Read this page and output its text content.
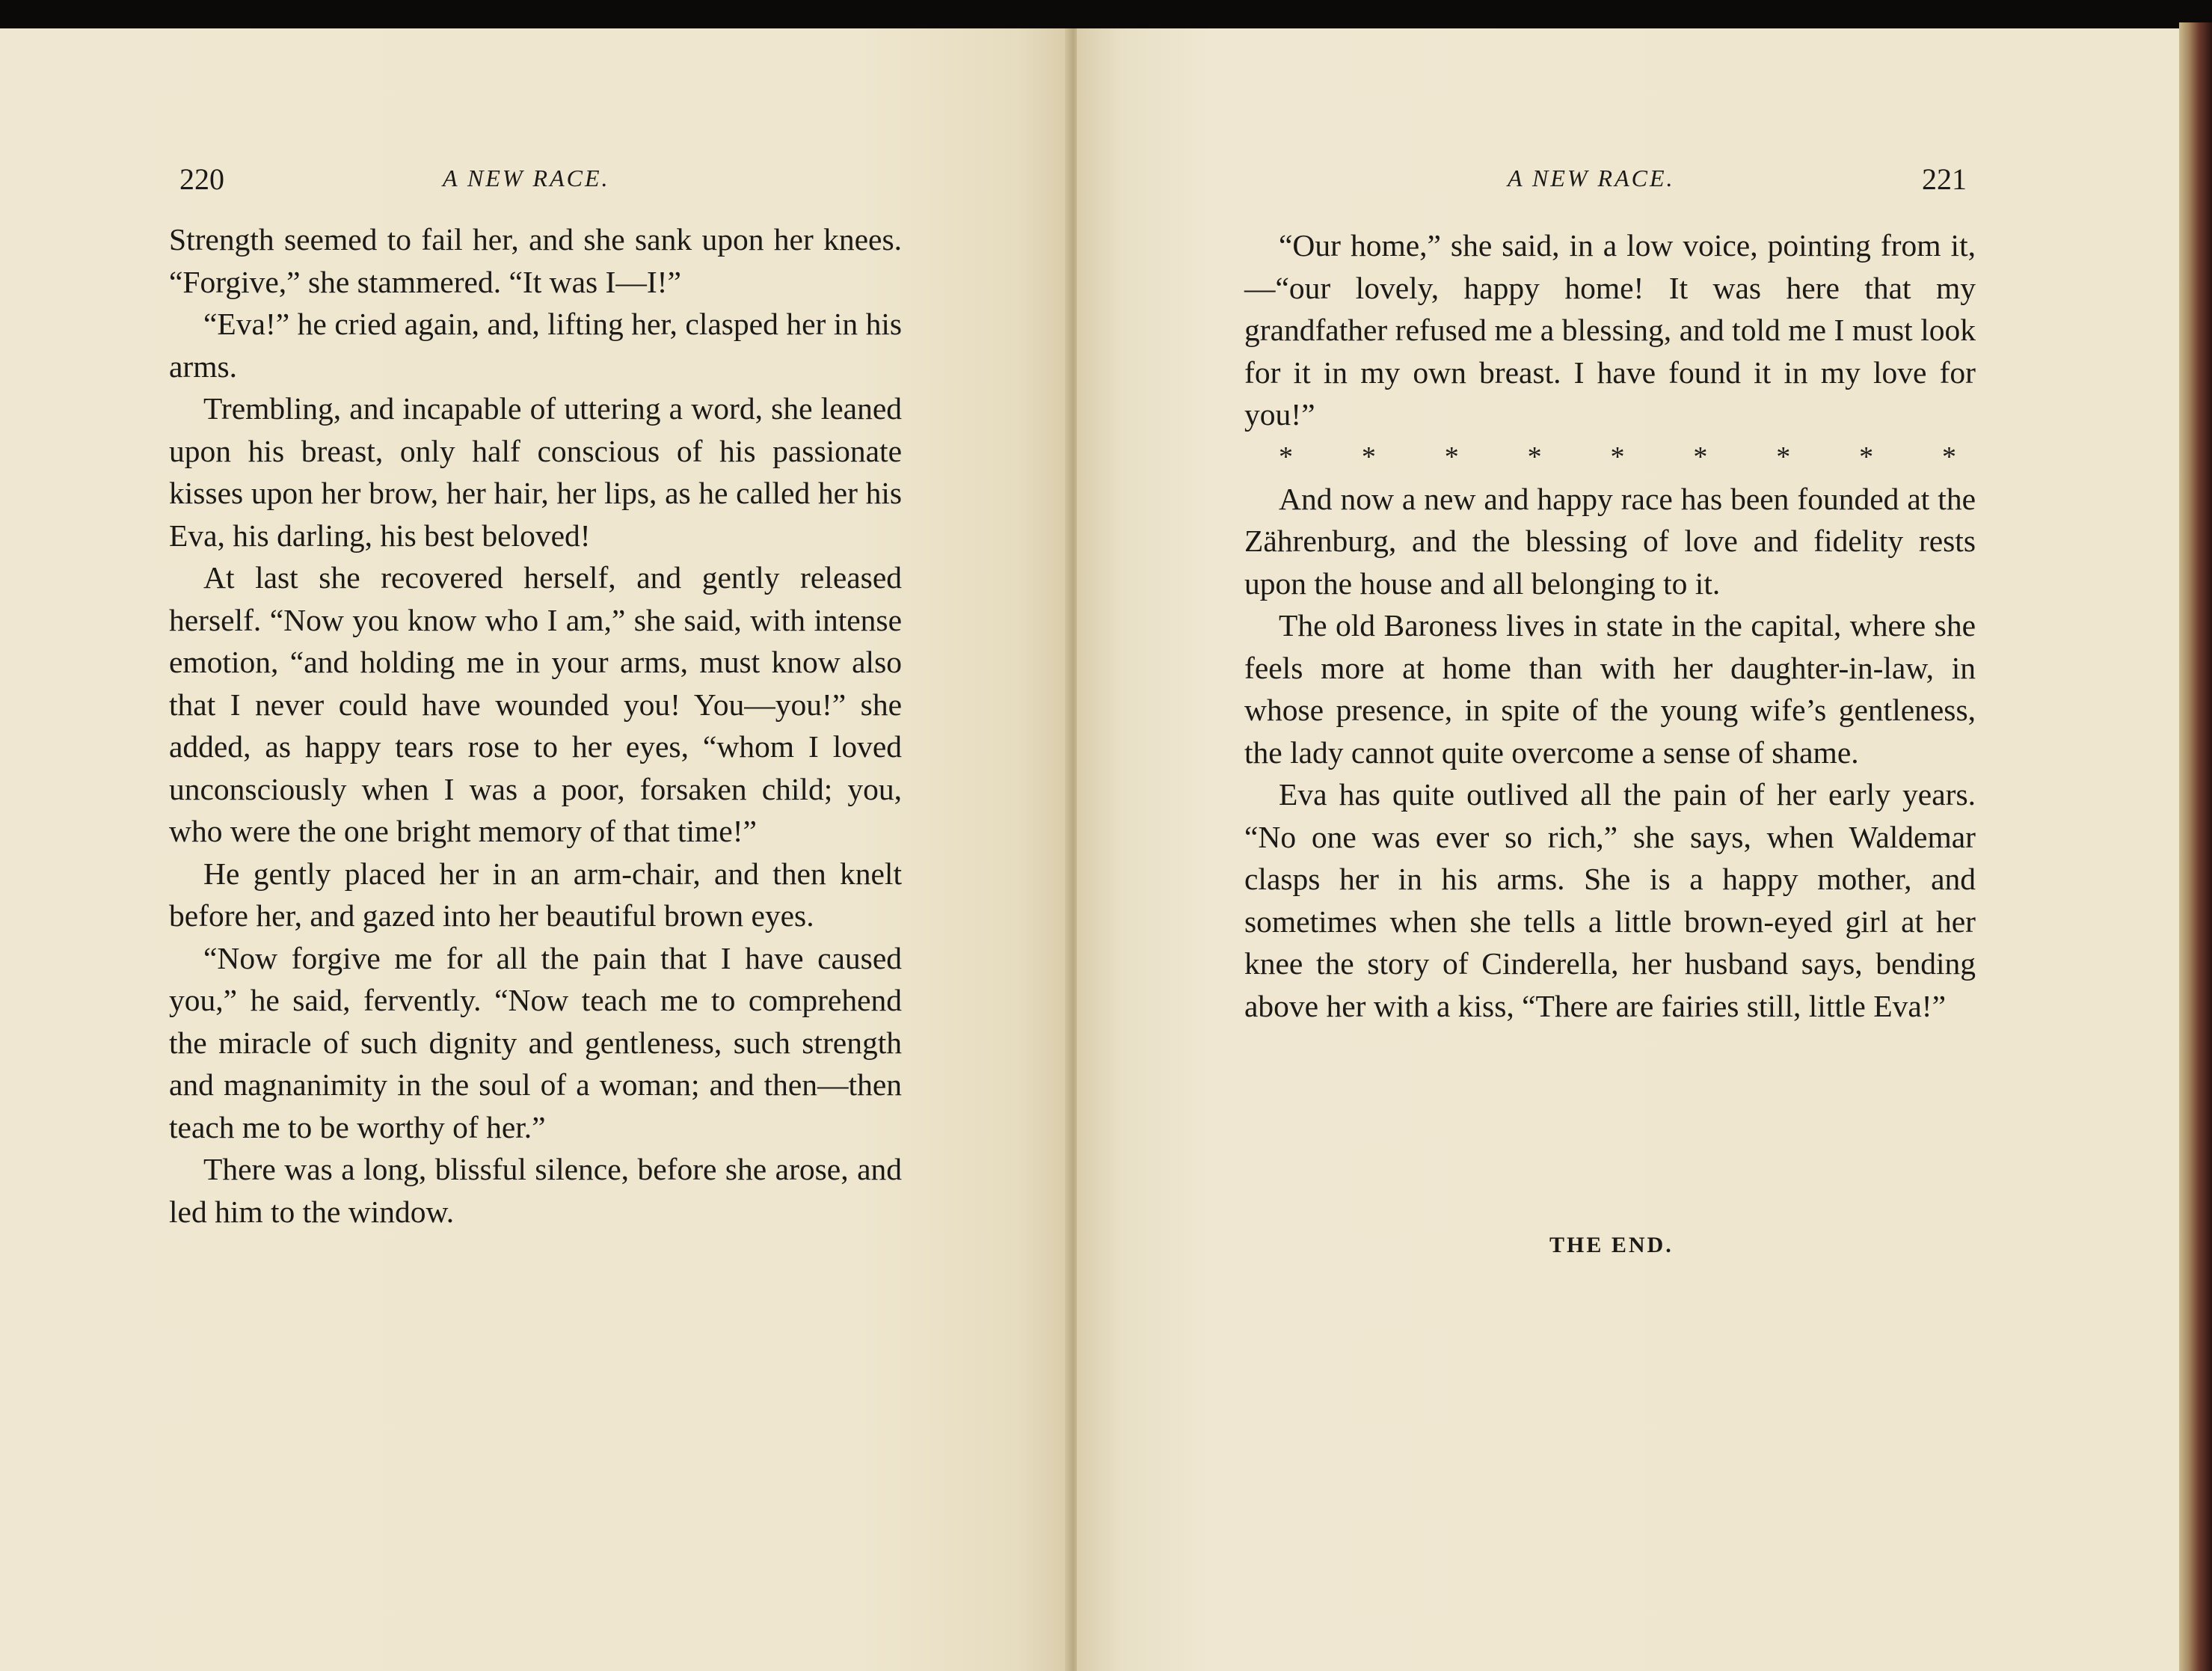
220	A NEW RACE.

Strength seemed to fail her, and she sank upon her knees. “Forgive,” she stammered. “It was I—I!”

“Eva!” he cried again, and, lifting her, clasped her in his arms.

Trembling, and incapable of uttering a word, she leaned upon his breast, only half conscious of his passionate kisses upon her brow, her hair, her lips, as he called her his Eva, his darling, his best beloved!

At last she recovered herself, and gently released herself. “Now you know who I am,” she said, with intense emotion, “and holding me in your arms, must know also that I never could have wounded you! You—you!” she added, as happy tears rose to her eyes, “whom I loved unconsciously when I was a poor, forsaken child; you, who were the one bright memory of that time!”

He gently placed her in an arm-chair, and then knelt before her, and gazed into her beautiful brown eyes.

“Now forgive me for all the pain that I have caused you,” he said, fervently. “Now teach me to comprehend the miracle of such dignity and gentleness, such strength and magnanimity in the soul of a woman; and then—then teach me to be worthy of her.”

There was a long, blissful silence, before she arose, and led him to the window.

A NEW RACE.	221

“Our home,” she said, in a low voice, pointing from it,—“our lovely, happy home! It was here that my grandfather refused me a blessing, and told me I must look for it in my own breast. I have found it in my love for you!”

* * * * * * * * *

And now a new and happy race has been founded at the Zährenburg, and the blessing of love and fidelity rests upon the house and all belonging to it.

The old Baroness lives in state in the capital, where she feels more at home than with her daughter-in-law, in whose presence, in spite of the young wife’s gentleness, the lady cannot quite overcome a sense of shame.

Eva has quite outlived all the pain of her early years. “No one was ever so rich,” she says, when Waldemar clasps her in his arms. She is a happy mother, and sometimes when she tells a little brown-eyed girl at her knee the story of Cinderella, her husband says, bending above her with a kiss, “There are fairies still, little Eva!”

THE END.
